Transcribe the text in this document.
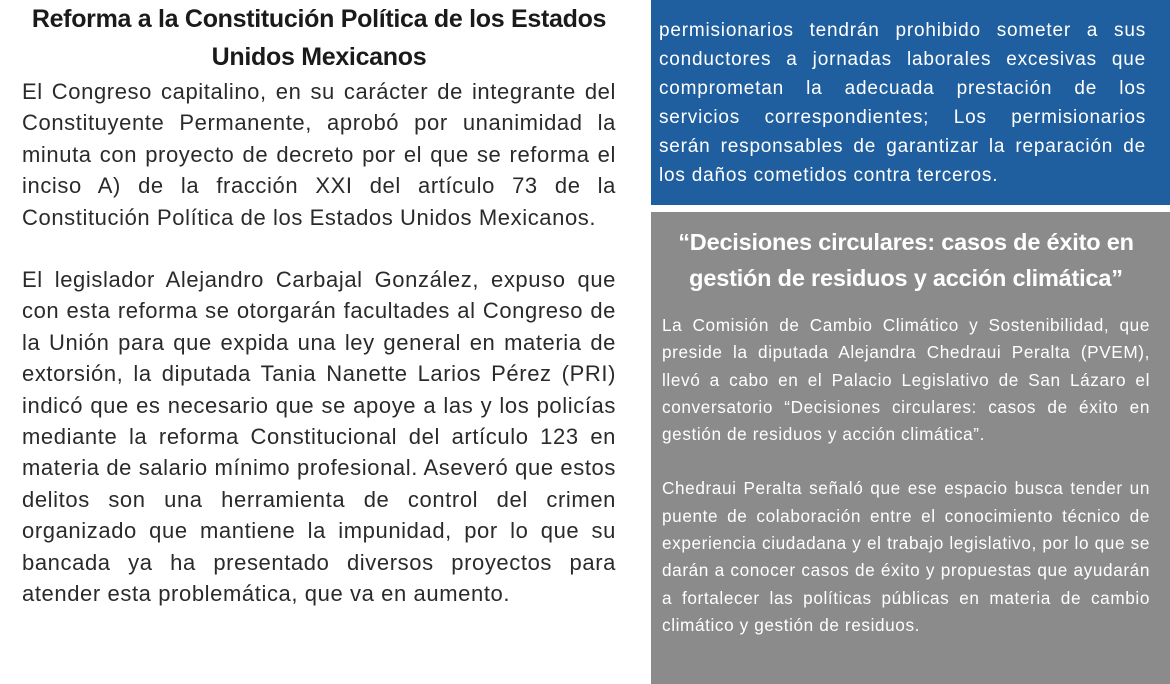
Reforma a la Constitución Política de los Estados Unidos Mexicanos

El Congreso capitalino, en su carácter de integrante del Constituyente Permanente, aprobó por unanimidad la minuta con proyecto de decreto por el que se reforma el inciso A) de la fracción XXI del artículo 73 de la Constitución Política de los Estados Unidos Mexicanos.

El legislador Alejandro Carbajal González, expuso que con esta reforma se otorgarán facultades al Congreso de la Unión para que expida una ley general en materia de extorsión, la diputada Tania Nanette Larios Pérez (PRI) indicó que es necesario que se apoye a las y los policías mediante la reforma Constitucional del artículo 123 en materia de salario mínimo profesional. Aseveró que estos delitos son una herramienta de control del crimen organizado que mantiene la impunidad, por lo que su bancada ya ha presentado diversos proyectos para atender esta problemática, que va en aumento.

permisionarios tendrán prohibido someter a sus conductores a jornadas laborales excesivas que comprometan la adecuada prestación de los servicios correspondientes; Los permisionarios serán responsables de garantizar la reparación de los daños cometidos contra terceros.

“Decisiones circulares: casos de éxito en gestión de residuos y acción climática”

La Comisión de Cambio Climático y Sostenibilidad, que preside la diputada Alejandra Chedraui Peralta (PVEM), llevó a cabo en el Palacio Legislativo de San Lázaro el conversatorio “Decisiones circulares: casos de éxito en gestión de residuos y acción climática”.

Chedraui Peralta señaló que ese espacio busca tender un puente de colaboración entre el conocimiento técnico de experiencia ciudadana y el trabajo legislativo, por lo que se darán a conocer casos de éxito y propuestas que ayudarán a fortalecer las políticas públicas en materia de cambio climático y gestión de residuos.
